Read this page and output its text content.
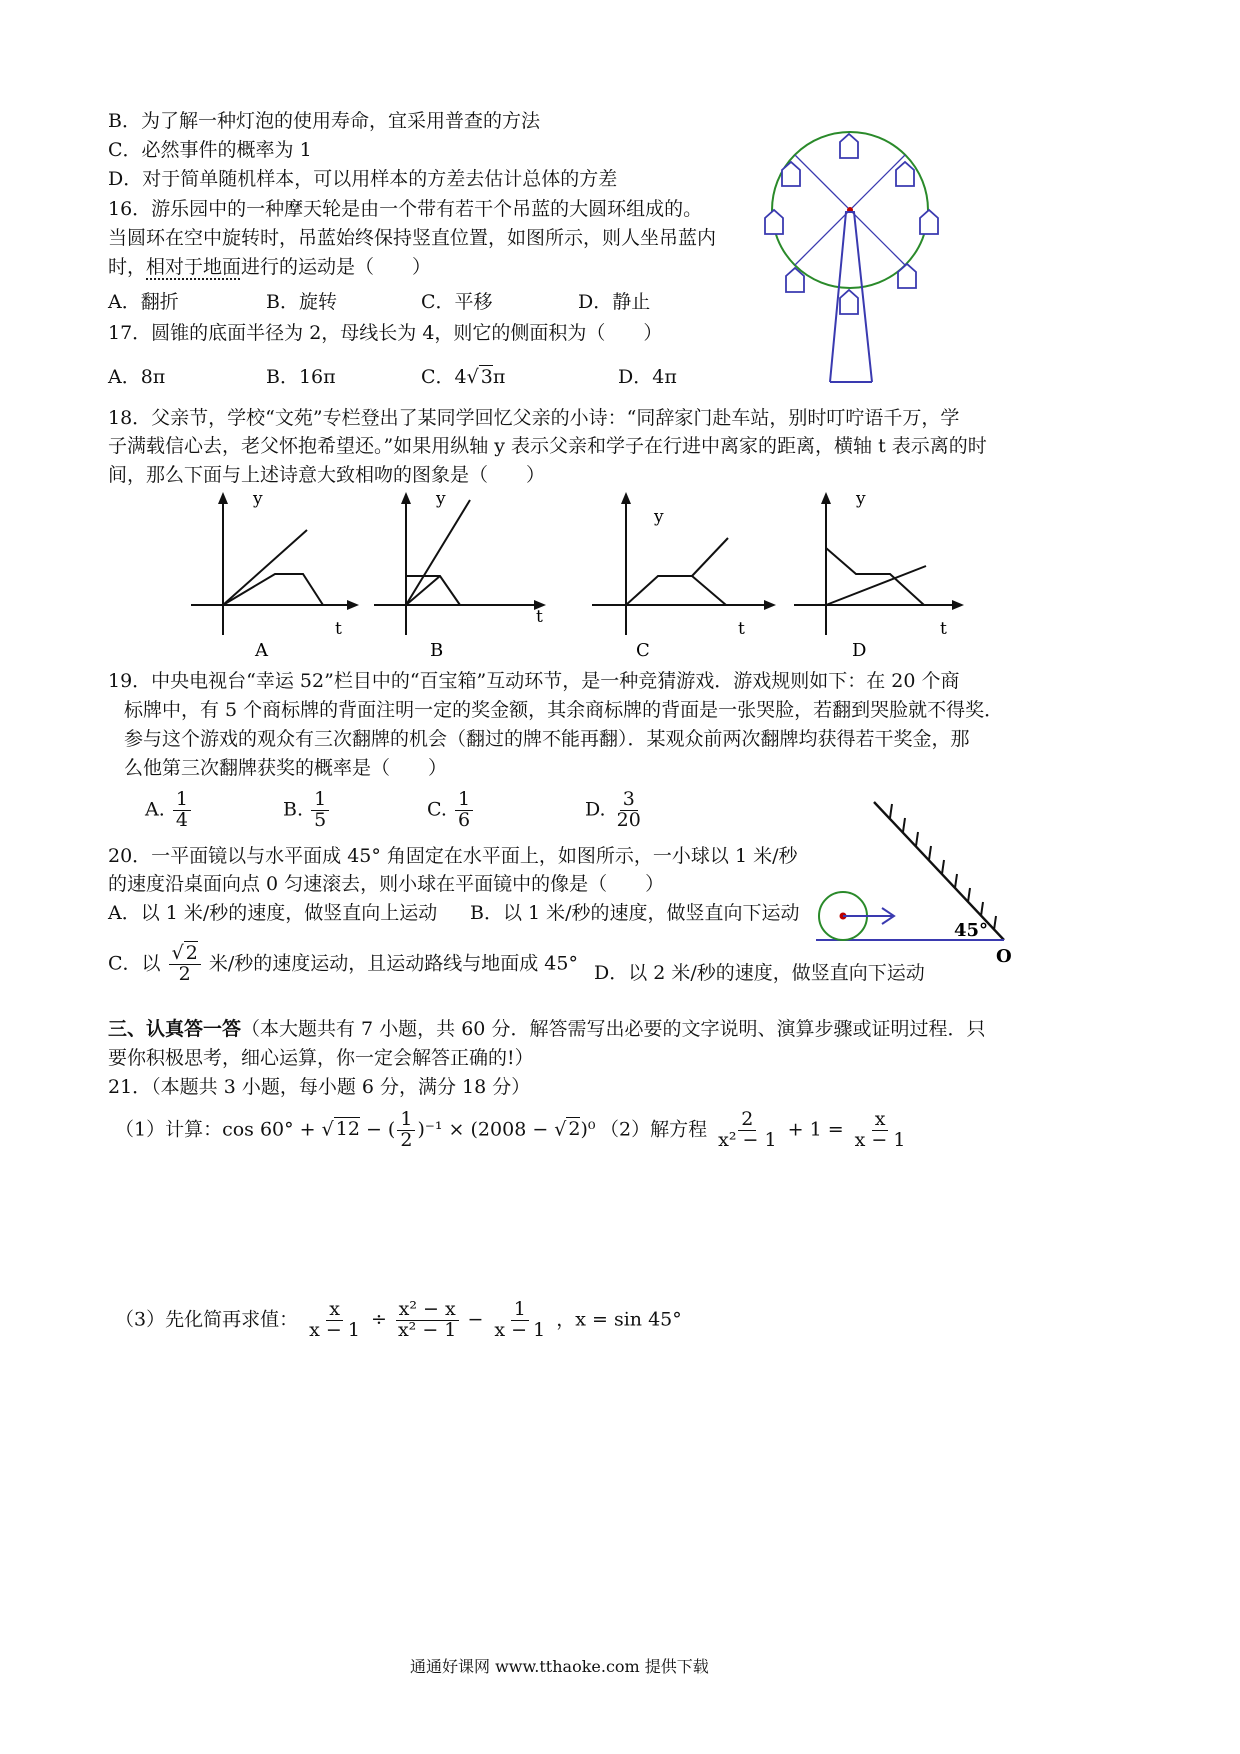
B．为了解一种灯泡的使用寿命，宜采用普查的方法
C．必然事件的概率为 1
D．对于简单随机样本，可以用样本的方差去估计总体的方差
16．游乐园中的一种摩天轮是由一个带有若干个吊蓝的大圆环组成的。
当圆环在空中旋转时，吊蓝始终保持竖直位置，如图所示，则人坐吊蓝内
时，相对于地面进行的运动是（　　）
A．翻折	B．旋转	C．平移	D．静止
17．圆锥的底面半径为 2，母线长为 4，则它的侧面积为（　　）
A．8π	B．16π	C．4√ 3π	D．4π
18．父亲节，学校“文苑”专栏登出了某同学回忆父亲的小诗：“同辞家门赴车站，别时叮咛语千万，学
子满载信心去，老父怀抱希望还。”如果用纵轴 y 表示父亲和学子在行进中离家的距离，横轴 t 表示离的时
间，那么下面与上述诗意大致相吻的图象是（　　）
y
t
A
y
t
B
y
t
C
y
t
D
19．中央电视台“幸运 52”栏目中的“百宝箱”互动环节，是一种竞猜游戏．游戏规则如下：在 20 个商
标牌中，有 5 个商标牌的背面注明一定的奖金额，其余商标牌的背面是一张哭脸，若翻到哭脸就不得奖．
参与这个游戏的观众有三次翻牌的机会（翻过的牌不能再翻）．某观众前两次翻牌均获得若干奖金，那
么他第三次翻牌获奖的概率是（　　）
A. $\frac{1}{4}$	B. $\frac{1}{5}$	C. $\frac{1}{6}$	D. $\frac{3}{20}$
45°
O
20．一平面镜以与水平面成 45° 角固定在水平面上，如图所示，一小球以 1 米/秒
的速度沿桌面向点 0 匀速滚去，则小球在平面镜中的像是（　　）
A．以 1 米/秒的速度，做竖直向上运动 B．以 1 米/秒的速度，做竖直向下运动
C．以 $\frac{√ 2}{2}$ 米/秒的速度运动，且运动路线与地面成 45° D．以 2 米/秒的速度，做竖直向下运动
三、认真答一答（本大题共有 7 小题，共 60 分．解答需写出必要的文字说明、演算步骤或证明过程．只
要你积极思考，细心运算，你一定会解答正确的!）
21．（本题共 3 小题，每小题 6 分，满分 18 分）
（1）计算：cos 60° + √ 12 − ( $\frac{1}{2} )^{-1} \times (2008$ − √ 2)⁰ （2）解方程 $\frac{2}{\text{x² − 1}} + 1 = \frac{x}{x - 1}$
（3）先化简再求值： $\frac{x}{x - 1} \div \frac{\text{x² − x}}{\text{x² − 1}} - \frac{1}{x - 1}$ ，x = sin 45°
通通好课网 www.tthaoke.com 提供下载
